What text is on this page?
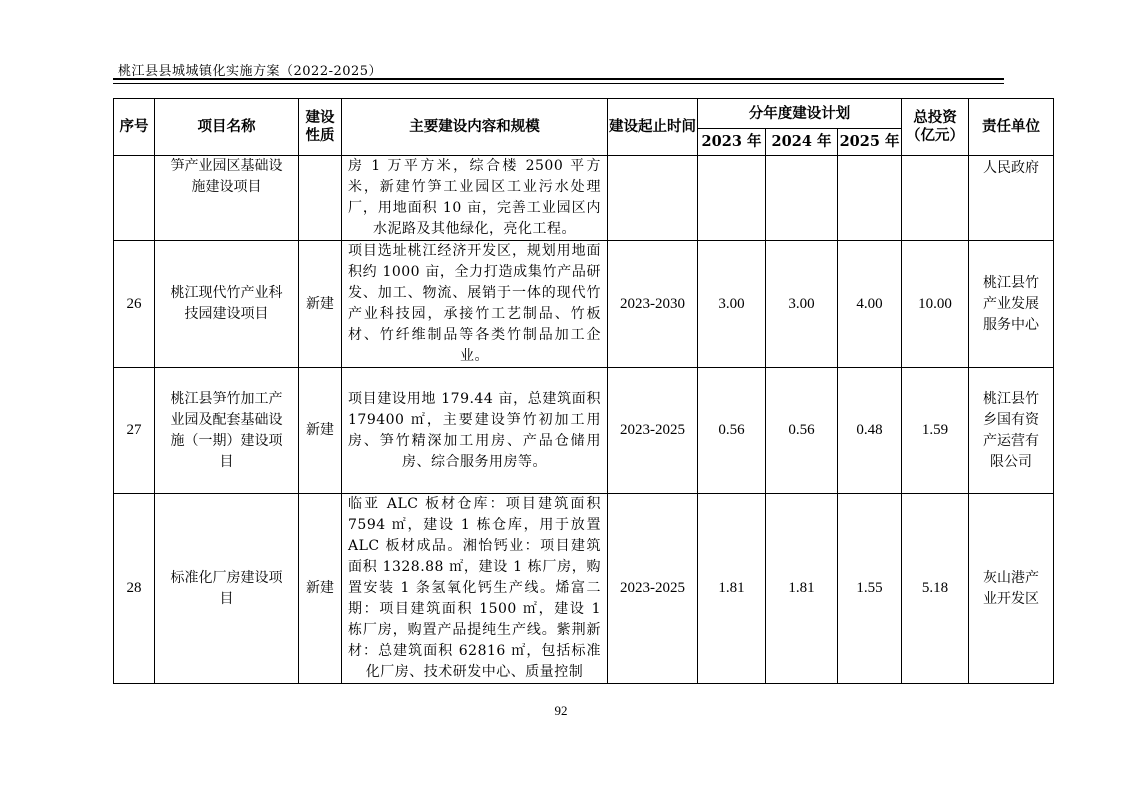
桃江县县城城镇化实施方案（2022-2025）
序号	项目名称	建设性质	主要建设内容和规模	建设起止时间	分年度建设计划			总投资（亿元）	责任单位
					2023 年	2024 年	2025 年		
	笋产业园区基础设施建设项目		房 1 万平方米，综合楼 2500 平方米，新建竹笋工业园区工业污水处理厂，用地面积 10 亩，完善工业园区内水泥路及其他绿化，亮化工程。						人民政府
26	桃江现代竹产业科技园建设项目	新建	项目选址桃江经济开发区，规划用地面积约 1000 亩，全力打造成集竹产品研发、加工、物流、展销于一体的现代竹产业科技园，承接竹工艺制品、竹板材、竹纤维制品等各类竹制品加工企业。	2023-2030	3.00	3.00	4.00	10.00	桃江县竹产业发展服务中心
27	桃江县笋竹加工产业园及配套基础设施（一期）建设项目	新建	项目建设用地 179.44 亩，总建筑面积 179400 ㎡，主要建设笋竹初加工用房、笋竹精深加工用房、产品仓储用房、综合服务用房等。	2023-2025	0.56	0.56	0.48	1.59	桃江县竹乡国有资产运营有限公司
28	标准化厂房建设项目	新建	临亚 ALC 板材仓库：项目建筑面积 7594 ㎡，建设 1 栋仓库，用于放置 ALC 板材成品。湘怡钙业：项目建筑面积 1328.88 ㎡，建设 1 栋厂房，购置安装 1 条氢氧化钙生产线。烯富二期：项目建筑面积 1500 ㎡，建设 1 栋厂房，购置产品提纯生产线。紫荆新材：总建筑面积 62816 ㎡，包括标准化厂房、技术研发中心、质量控制	2023-2025	1.81	1.81	1.55	5.18	灰山港产业开发区
92
